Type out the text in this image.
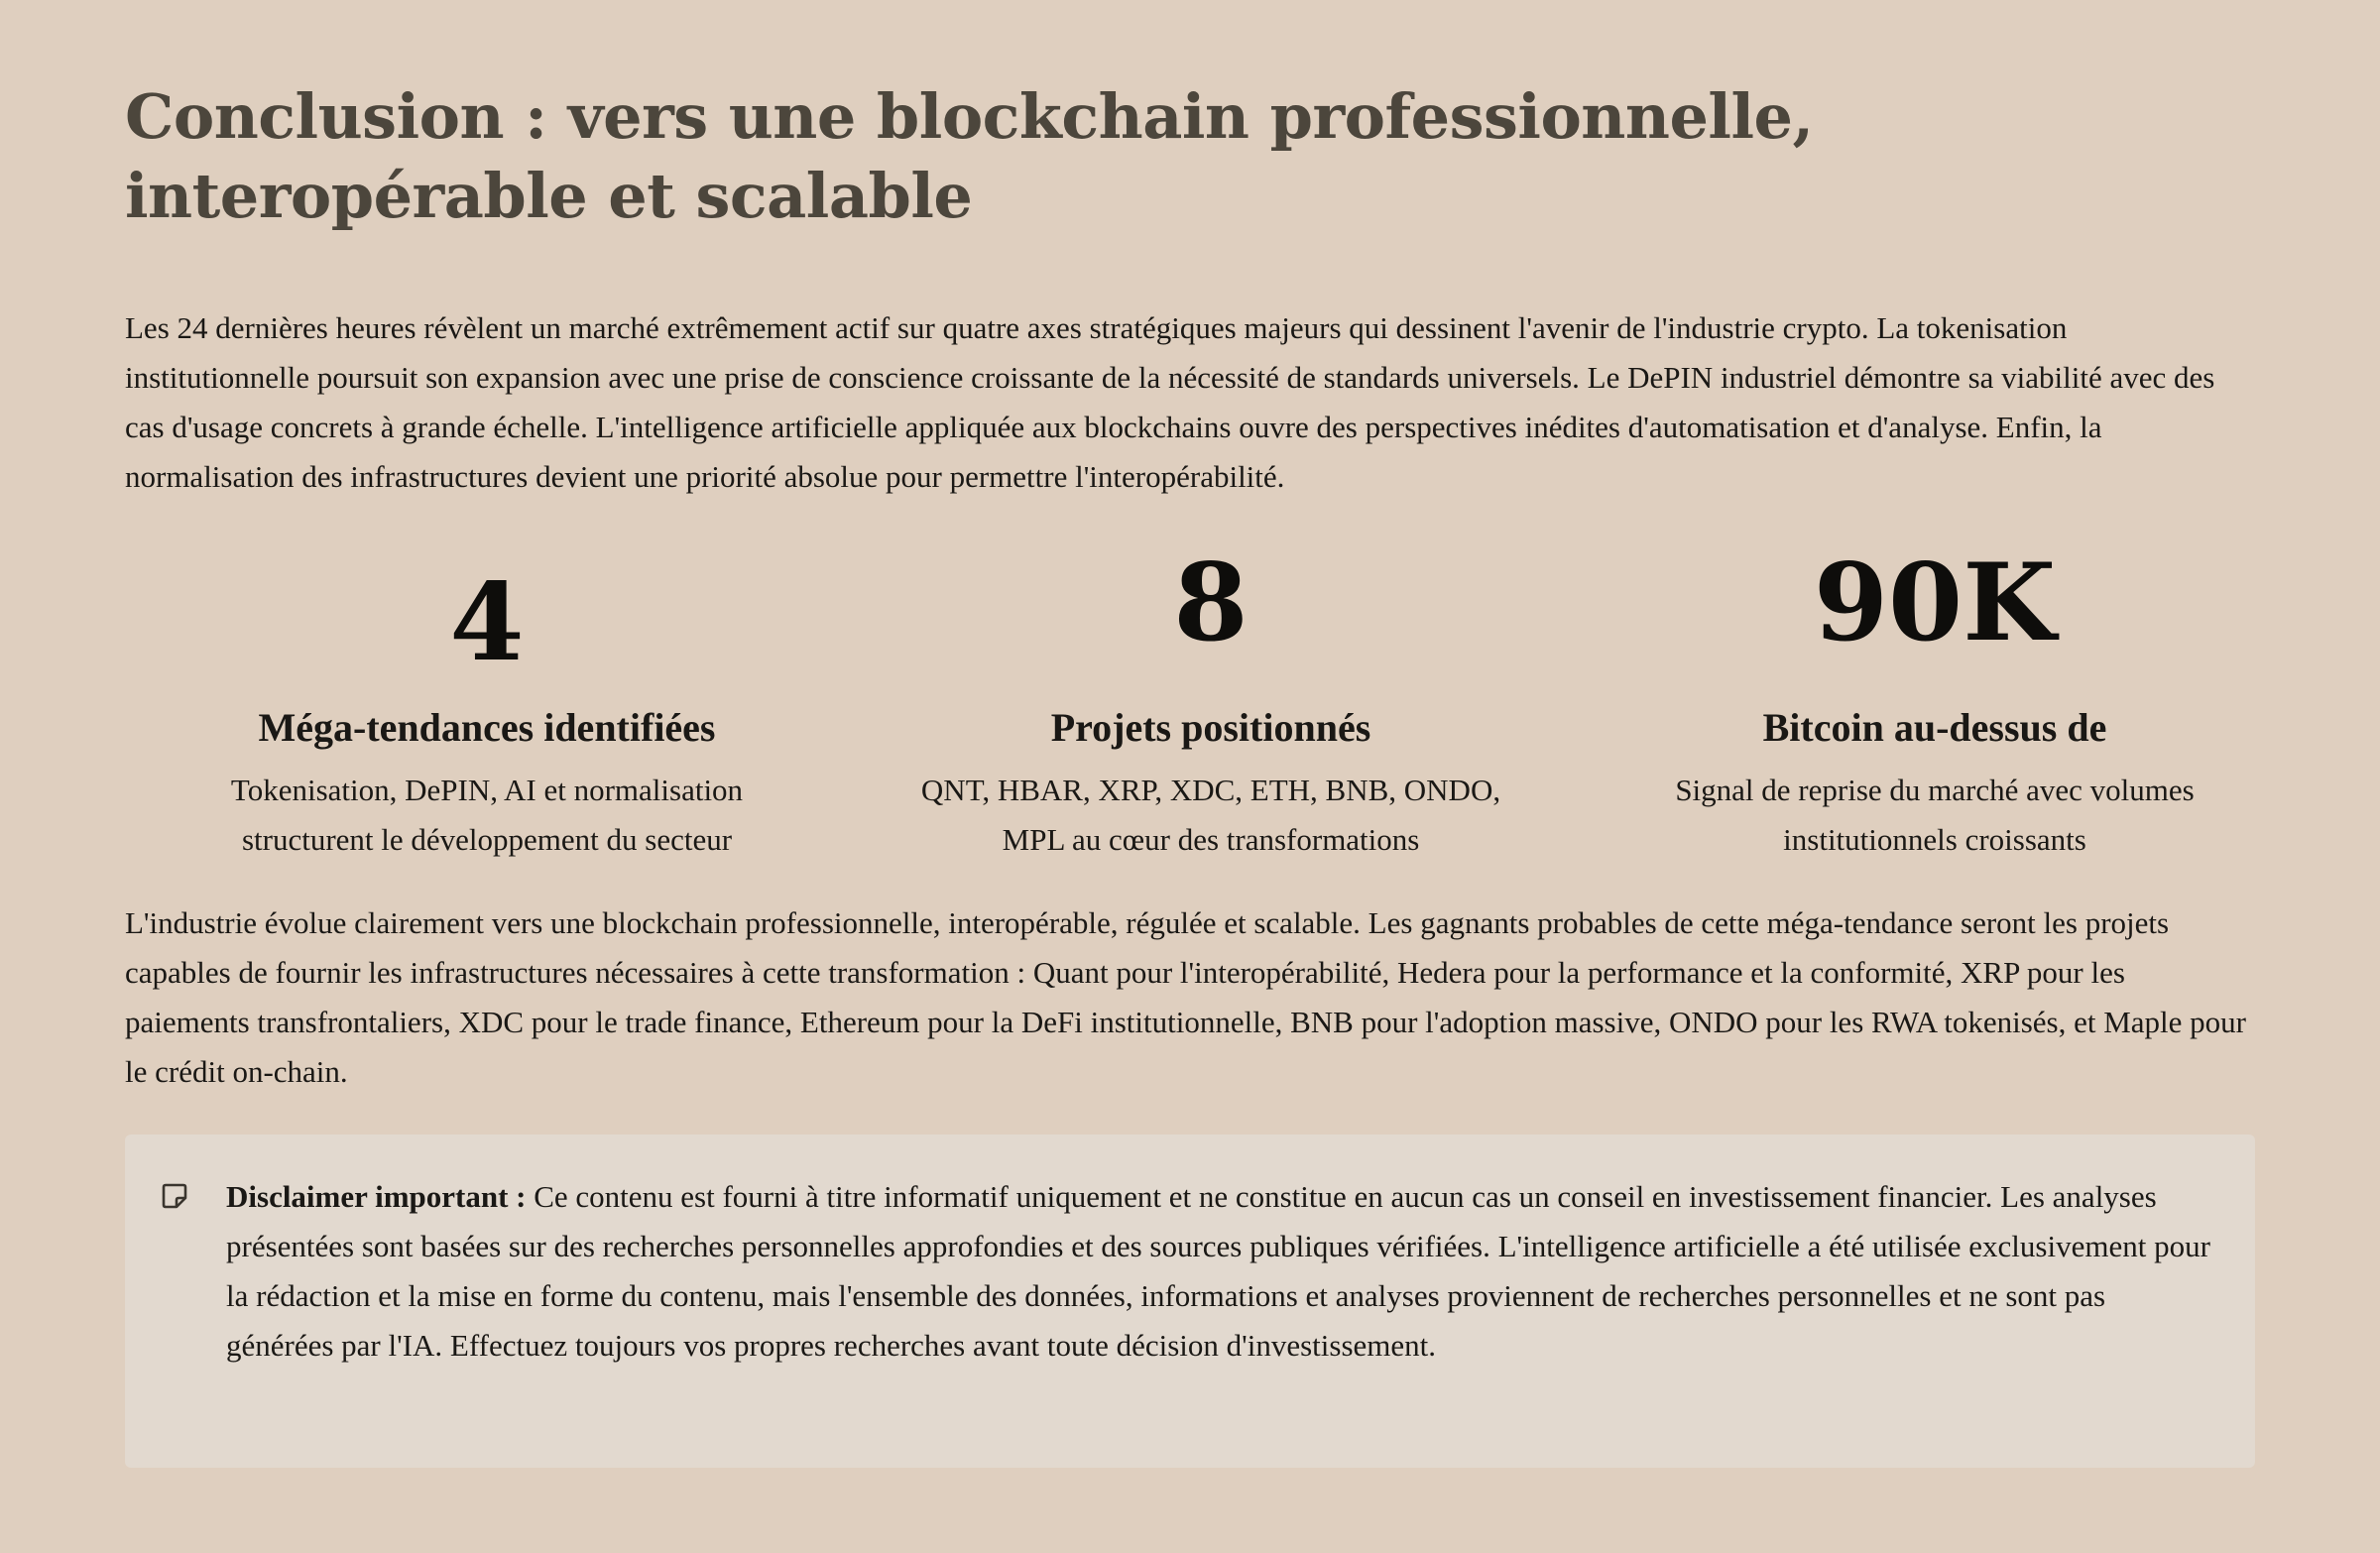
Conclusion : vers une blockchain professionnelle, interopérable et scalable

Les 24 dernières heures révèlent un marché extrêmement actif sur quatre axes stratégiques majeurs qui dessinent l'avenir de l'industrie crypto. La tokenisation institutionnelle poursuit son expansion avec une prise de conscience croissante de la nécessité de standards universels. Le DePIN industriel démontre sa viabilité avec des cas d'usage concrets à grande échelle. L'intelligence artificielle appliquée aux blockchains ouvre des perspectives inédites d'automatisation et d'analyse. Enfin, la normalisation des infrastructures devient une priorité absolue pour permettre l'interopérabilité.

4
Méga-tendances identifiées
Tokenisation, DePIN, AI et normalisation structurent le développement du secteur
8
Projets positionnés
QNT, HBAR, XRP, XDC, ETH, BNB, ONDO, MPL au cœur des transformations
90K
Bitcoin au-dessus de
Signal de reprise du marché avec volumes institutionnels croissants

L'industrie évolue clairement vers une blockchain professionnelle, interopérable, régulée et scalable. Les gagnants probables de cette méga-tendance seront les projets capables de fournir les infrastructures nécessaires à cette transformation : Quant pour l'interopérabilité, Hedera pour la performance et la conformité, XRP pour les paiements transfrontaliers, XDC pour le trade finance, Ethereum pour la DeFi institutionnelle, BNB pour l'adoption massive, ONDO pour les RWA tokenisés, et Maple pour le crédit on-chain.

Disclaimer important : Ce contenu est fourni à titre informatif uniquement et ne constitue en aucun cas un conseil en investissement financier. Les analyses présentées sont basées sur des recherches personnelles approfondies et des sources publiques vérifiées. L'intelligence artificielle a été utilisée exclusivement pour la rédaction et la mise en forme du contenu, mais l'ensemble des données, informations et analyses proviennent de recherches personnelles et ne sont pas générées par l'IA. Effectuez toujours vos propres recherches avant toute décision d'investissement.
